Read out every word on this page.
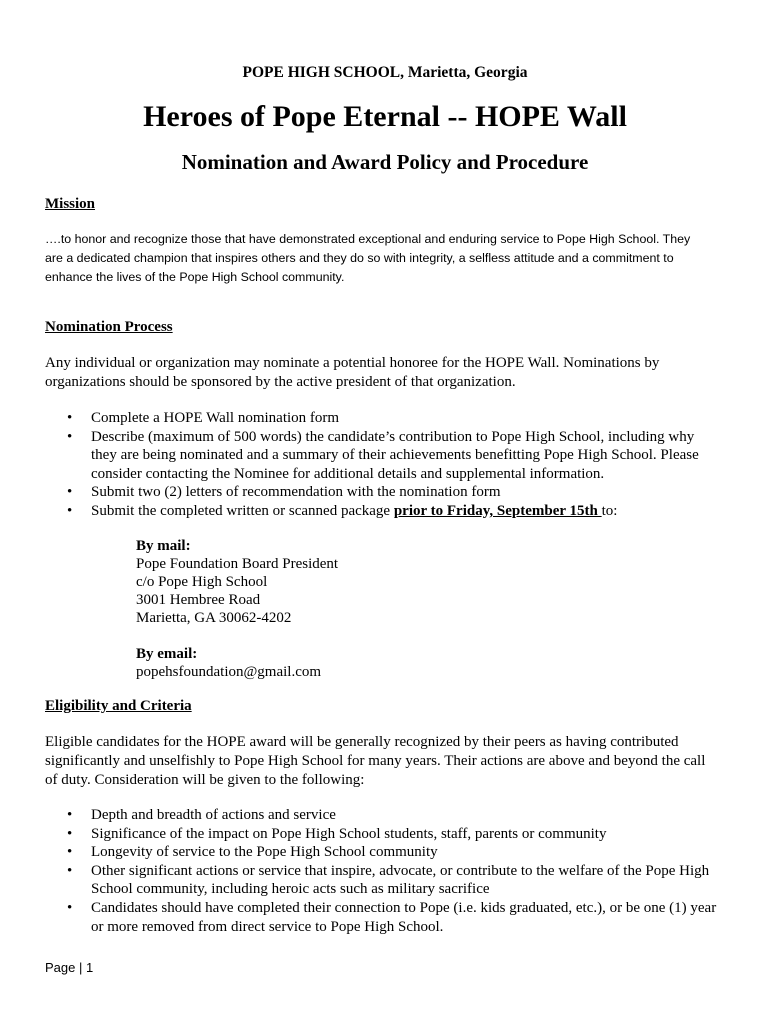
POPE HIGH SCHOOL, Marietta, Georgia
Heroes of Pope Eternal -- HOPE Wall
Nomination and Award Policy and Procedure
Mission
….to honor and recognize those that have demonstrated exceptional and enduring service to Pope High School. They
are a dedicated champion that inspires others and they do so with integrity, a selfless attitude and a commitment to
enhance the lives of the Pope High School community.
Nomination Process
Any individual or organization may nominate a potential honoree for the HOPE Wall. Nominations by
organizations should be sponsored by the active president of that organization.
• Complete a HOPE Wall nomination form
• Describe (maximum of 500 words) the candidate’s contribution to Pope High School, including why
they are being nominated and a summary of their achievements benefitting Pope High School. Please
consider contacting the Nominee for additional details and supplemental information.
• Submit two (2) letters of recommendation with the nomination form
• Submit the completed written or scanned package prior to Friday, September 15th to:
By mail:
Pope Foundation Board President
c/o Pope High School
3001 Hembree Road
Marietta, GA 30062-4202
By email:
popehsfoundation@gmail.com
Eligibility and Criteria
Eligible candidates for the HOPE award will be generally recognized by their peers as having contributed
significantly and unselfishly to Pope High School for many years. Their actions are above and beyond the call
of duty. Consideration will be given to the following:
• Depth and breadth of actions and service
• Significance of the impact on Pope High School students, staff, parents or community
• Longevity of service to the Pope High School community
• Other significant actions or service that inspire, advocate, or contribute to the welfare of the Pope High
School community, including heroic acts such as military sacrifice
• Candidates should have completed their connection to Pope (i.e. kids graduated, etc.), or be one (1) year
or more removed from direct service to Pope High School.
Page | 1
